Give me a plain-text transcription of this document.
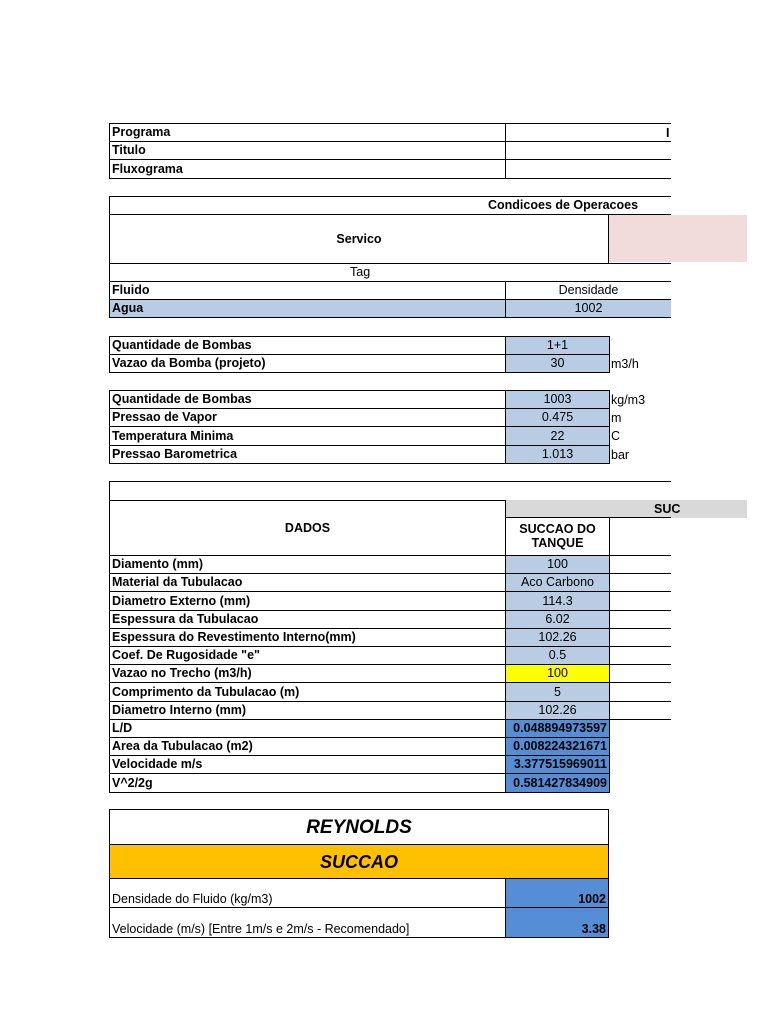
Programa	I
Titulo
Fluxograma
Condicoes de Operacoes
Servico
Tag
Fluido	Densidade
Agua	1002
Quantidade de Bombas	1+1
Vazao da Bomba (projeto)	30	m3/h
Quantidade de Bombas	1003	kg/m3
Pressao de Vapor	0.475	m
Temperatura Minima	22	C
Pressao Barometrica	1.013	bar
DADOS
SUC
SUCCAO DO TANQUE
Diamento (mm)	100
Material da Tubulacao	Aco Carbono
Diametro Externo (mm)	114.3
Espessura da Tubulacao	6.02
Espessura do Revestimento Interno(mm)	102.26
Coef. De Rugosidade "e"	0.5
Vazao no Trecho (m3/h)	100
Comprimento da Tubulacao (m)	5
Diametro Interno (mm)	102.26
L/D	0.048894973597
Area da Tubulacao (m2)	0.008224321671
Velocidade m/s	3.377515969011
V^2/2g	0.581427834909
REYNOLDS
SUCCAO
Densidade do Fluido (kg/m3)	1002
Velocidade (m/s) [Entre 1m/s e 2m/s - Recomendado]	3.38
